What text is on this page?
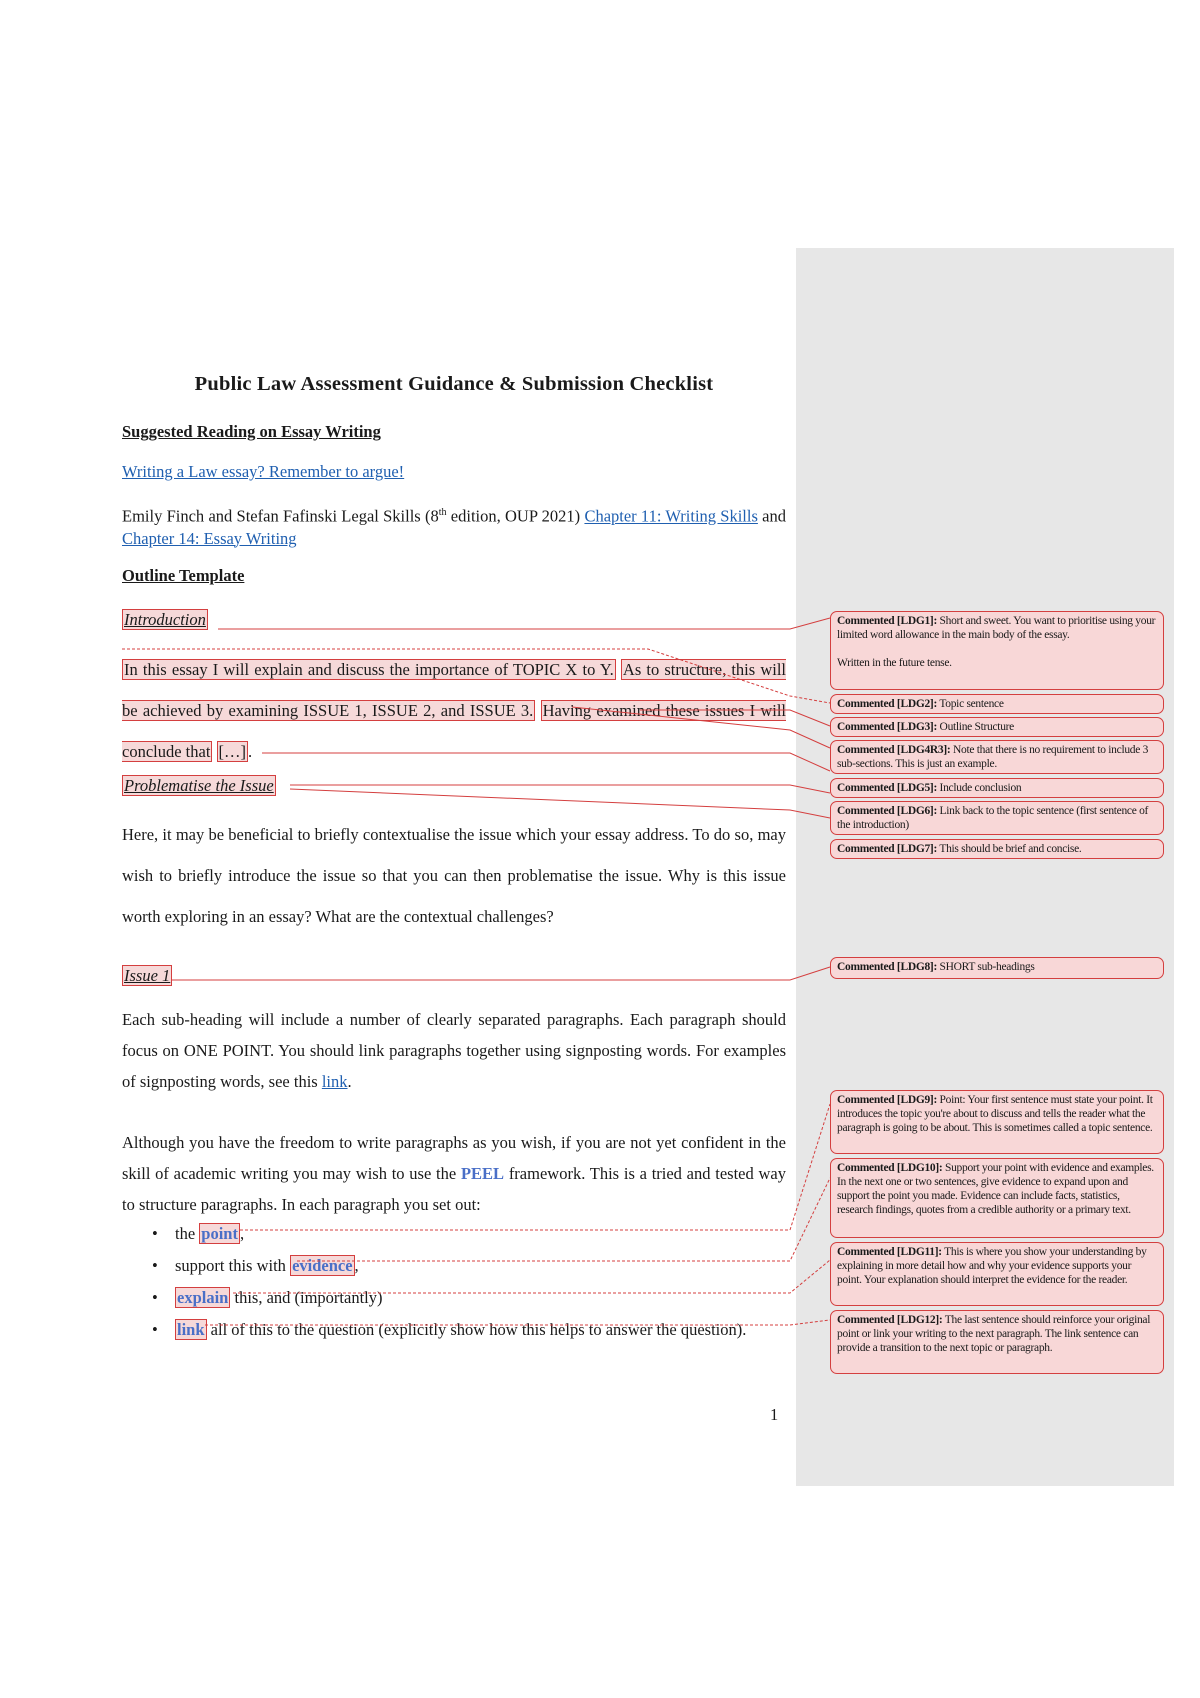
Public Law Assessment Guidance & Submission Checklist
Suggested Reading on Essay Writing
Writing a Law essay? Remember to argue!
Emily Finch and Stefan Fafinski Legal Skills (8th edition, OUP 2021) Chapter 11: Writing Skills and Chapter 14: Essay Writing
Outline Template
Introduction
In this essay I will explain and discuss the importance of TOPIC X to Y. As to structure, this will be achieved by examining ISSUE 1, ISSUE 2, and ISSUE 3. Having examined these issues I will conclude that […] .
Problematise the Issue
Here, it may be beneficial to briefly contextualise the issue which your essay address. To do so, may wish to briefly introduce the issue so that you can then problematise the issue. Why is this issue worth exploring in an essay? What are the contextual challenges?
Issue 1
Each sub-heading will include a number of clearly separated paragraphs. Each paragraph should focus on ONE POINT. You should link paragraphs together using signposting words. For examples of signposting words, see this link.
Although you have the freedom to write paragraphs as you wish, if you are not yet confident in the skill of academic writing you may wish to use the PEEL framework. This is a tried and tested way to structure paragraphs. In each paragraph you set out:
• the point ,
• support this with evidence ,
• explain this, and (importantly)
• link all of this to the question (explicitly show how this helps to answer the question).
1
Commented [LDG1]: Short and sweet. You want to prioritise using your limited word allowance in the main body of the essay.
Written in the future tense.
Commented [LDG2]: Topic sentence
Commented [LDG3]: Outline Structure
Commented [LDG4R3]: Note that there is no requirement to include 3 sub-sections. This is just an example.
Commented [LDG5]: Include conclusion
Commented [LDG6]: Link back to the topic sentence (first sentence of the introduction)
Commented [LDG7]: This should be brief and concise.
Commented [LDG8]: SHORT sub-headings
Commented [LDG9]: Point: Your first sentence must state your point. It introduces the topic you're about to discuss and tells the reader what the paragraph is going to be about. This is sometimes called a topic sentence.
Commented [LDG10]: Support your point with evidence and examples. In the next one or two sentences, give evidence to expand upon and support the point you made. Evidence can include facts, statistics, research findings, quotes from a credible authority or a primary text.
Commented [LDG11]: This is where you show your understanding by explaining in more detail how and why your evidence supports your point. Your explanation should interpret the evidence for the reader.
Commented [LDG12]: The last sentence should reinforce your original point or link your writing to the next paragraph. The link sentence can provide a transition to the next topic or paragraph.
